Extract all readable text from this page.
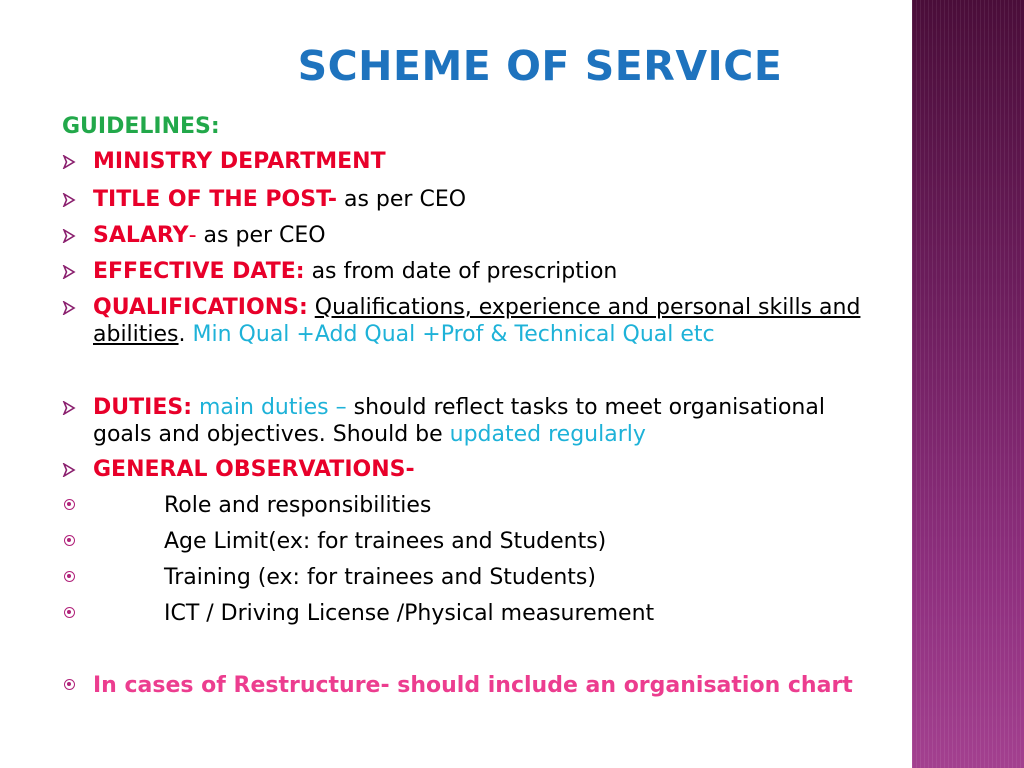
SCHEME OF SERVICE
GUIDELINES:
MINISTRY DEPARTMENT
TITLE OF THE POST- as per CEO
SALARY- as per CEO
EFFECTIVE DATE: as from date of prescription
QUALIFICATIONS: Qualifications, experience and personal skills and
abilities. Min Qual +Add Qual +Prof & Technical Qual etc
DUTIES: main duties – should reflect tasks to meet organisational
goals and objectives. Should be updated regularly
GENERAL OBSERVATIONS-
Role and responsibilities
Age Limit(ex: for trainees and Students)
Training (ex: for trainees and Students)
ICT / Driving License /Physical measurement
In cases of Restructure- should include an organisation chart
